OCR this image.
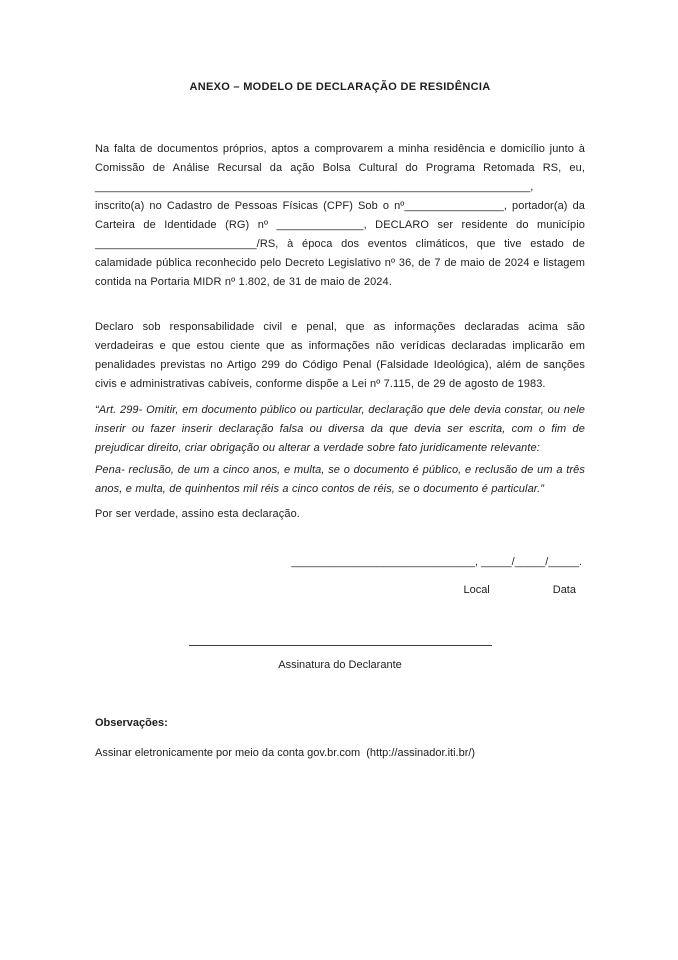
ANEXO – MODELO DE DECLARAÇÃO DE RESIDÊNCIA

Na falta de documentos próprios, aptos a comprovarem a minha residência e domicílio junto à Comissão de Análise Recursal da ação Bolsa Cultural do Programa Retomada RS, eu, ______________________________________________________________________, inscrito(a) no Cadastro de Pessoas Físicas (CPF) Sob o nº________________, portador(a) da Carteira de Identidade (RG) nº ______________, DECLARO ser residente do município __________________________/RS, à época dos eventos climáticos, que tive estado de calamidade pública reconhecido pelo Decreto Legislativo nº 36, de 7 de maio de 2024 e listagem contida na Portaria MIDR nº 1.802, de 31 de maio de 2024.

Declaro sob responsabilidade civil e penal, que as informações declaradas acima são verdadeiras e que estou ciente que as informações não verídicas declaradas implicarão em penalidades previstas no Artigo 299 do Código Penal (Falsidade Ideológica), além de sanções civis e administrativas cabíveis, conforme dispõe a Lei nº 7.115, de 29 de agosto de 1983.

“Art. 299- Omitir, em documento público ou particular, declaração que dele devia constar, ou nele inserir ou fazer inserir declaração falsa ou diversa da que devia ser escrita, com o fim de prejudicar direito, criar obrigação ou alterar a verdade sobre fato juridicamente relevante:

Pena- reclusão, de um a cinco anos, e multa, se o documento é público, e reclusão de um a três anos, e multa, de quinhentos mil réis a cinco contos de réis, se o documento é particular.”

Por ser verdade, assino esta declaração.

______________________________, _____/_____/_____.
Local	Data
Assinatura do Declarante
Observações:
Assinar eletronicamente por meio da conta gov.br.com  (http://assinador.iti.br/)
